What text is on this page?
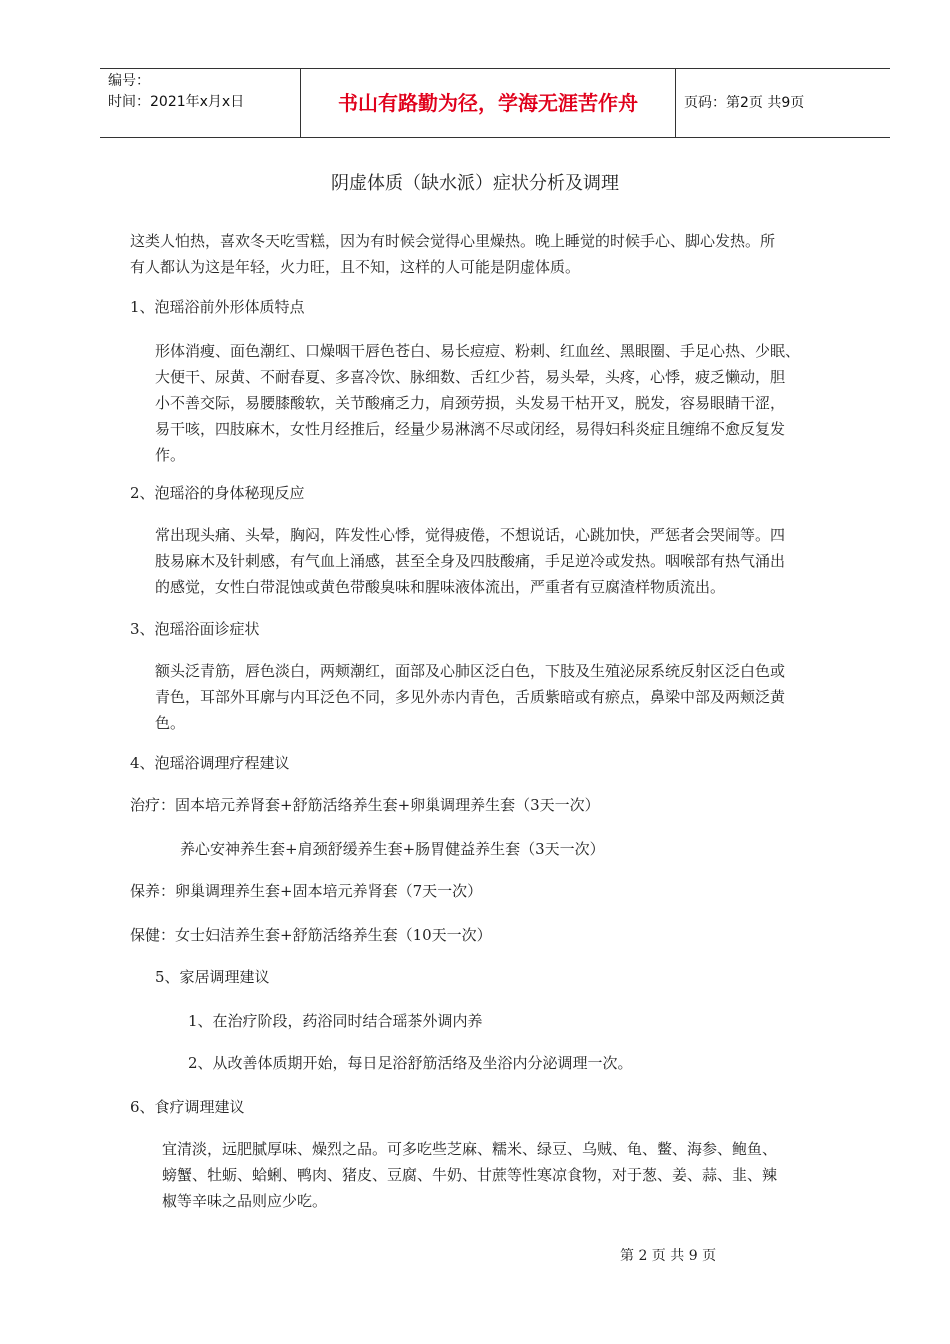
编号：
时间：2021年x月x日	书山有路勤为径，学海无涯苦作舟	页码：第2页 共9页
阴虚体质（缺水派）症状分析及调理
这类人怕热，喜欢冬天吃雪糕，因为有时候会觉得心里燥热。晚上睡觉的时候手心、脚心发热。所
有人都认为这是年轻，火力旺，且不知，这样的人可能是阴虚体质。
1、泡瑶浴前外形体质特点
形体消瘦、面色潮红、口燥咽干唇色苍白、易长痘痘、粉刺、红血丝、黑眼圈、手足心热、少眠、
大便干、尿黄、不耐春夏、多喜冷饮、脉细数、舌红少苔，易头晕，头疼，心悸，疲乏懒动，胆
小不善交际，易腰膝酸软，关节酸痛乏力，肩颈劳损，头发易干枯开叉，脱发，容易眼睛干涩，
易干咳，四肢麻木，女性月经推后，经量少易淋漓不尽或闭经，易得妇科炎症且缠绵不愈反复发
作。
2、泡瑶浴的身体秘现反应
常出现头痛、头晕，胸闷，阵发性心悸，觉得疲倦，不想说话，心跳加快，严惩者会哭闹等。四
肢易麻木及针刺感，有气血上涌感，甚至全身及四肢酸痛，手足逆冷或发热。咽喉部有热气涌出
的感觉，女性白带混蚀或黄色带酸臭味和腥味液体流出，严重者有豆腐渣样物质流出。
3、泡瑶浴面诊症状
额头泛青筋，唇色淡白，两颊潮红，面部及心肺区泛白色，下肢及生殖泌尿系统反射区泛白色或
青色，耳部外耳廓与内耳泛色不同，多见外赤内青色，舌质紫暗或有瘀点，鼻梁中部及两颊泛黄
色。
4、泡瑶浴调理疗程建议
治疗：固本培元养肾套+舒筋活络养生套+卵巢调理养生套（3天一次）
养心安神养生套+肩颈舒缓养生套+肠胃健益养生套（3天一次）
保养：卵巢调理养生套+固本培元养肾套（7天一次）
保健：女士妇洁养生套+舒筋活络养生套（10天一次）
5、家居调理建议
1、在治疗阶段，药浴同时结合瑶茶外调内养
2、从改善体质期开始，每日足浴舒筋活络及坐浴内分泌调理一次。
6、食疗调理建议
宜清淡，远肥腻厚味、燥烈之品。可多吃些芝麻、糯米、绿豆、乌贼、龟、鳖、海参、鲍鱼、
螃蟹、牡蛎、蛤蜊、鸭肉、猪皮、豆腐、牛奶、甘蔗等性寒凉食物，对于葱、姜、蒜、韭、辣
椒等辛味之品则应少吃。
第 2 页 共 9 页
